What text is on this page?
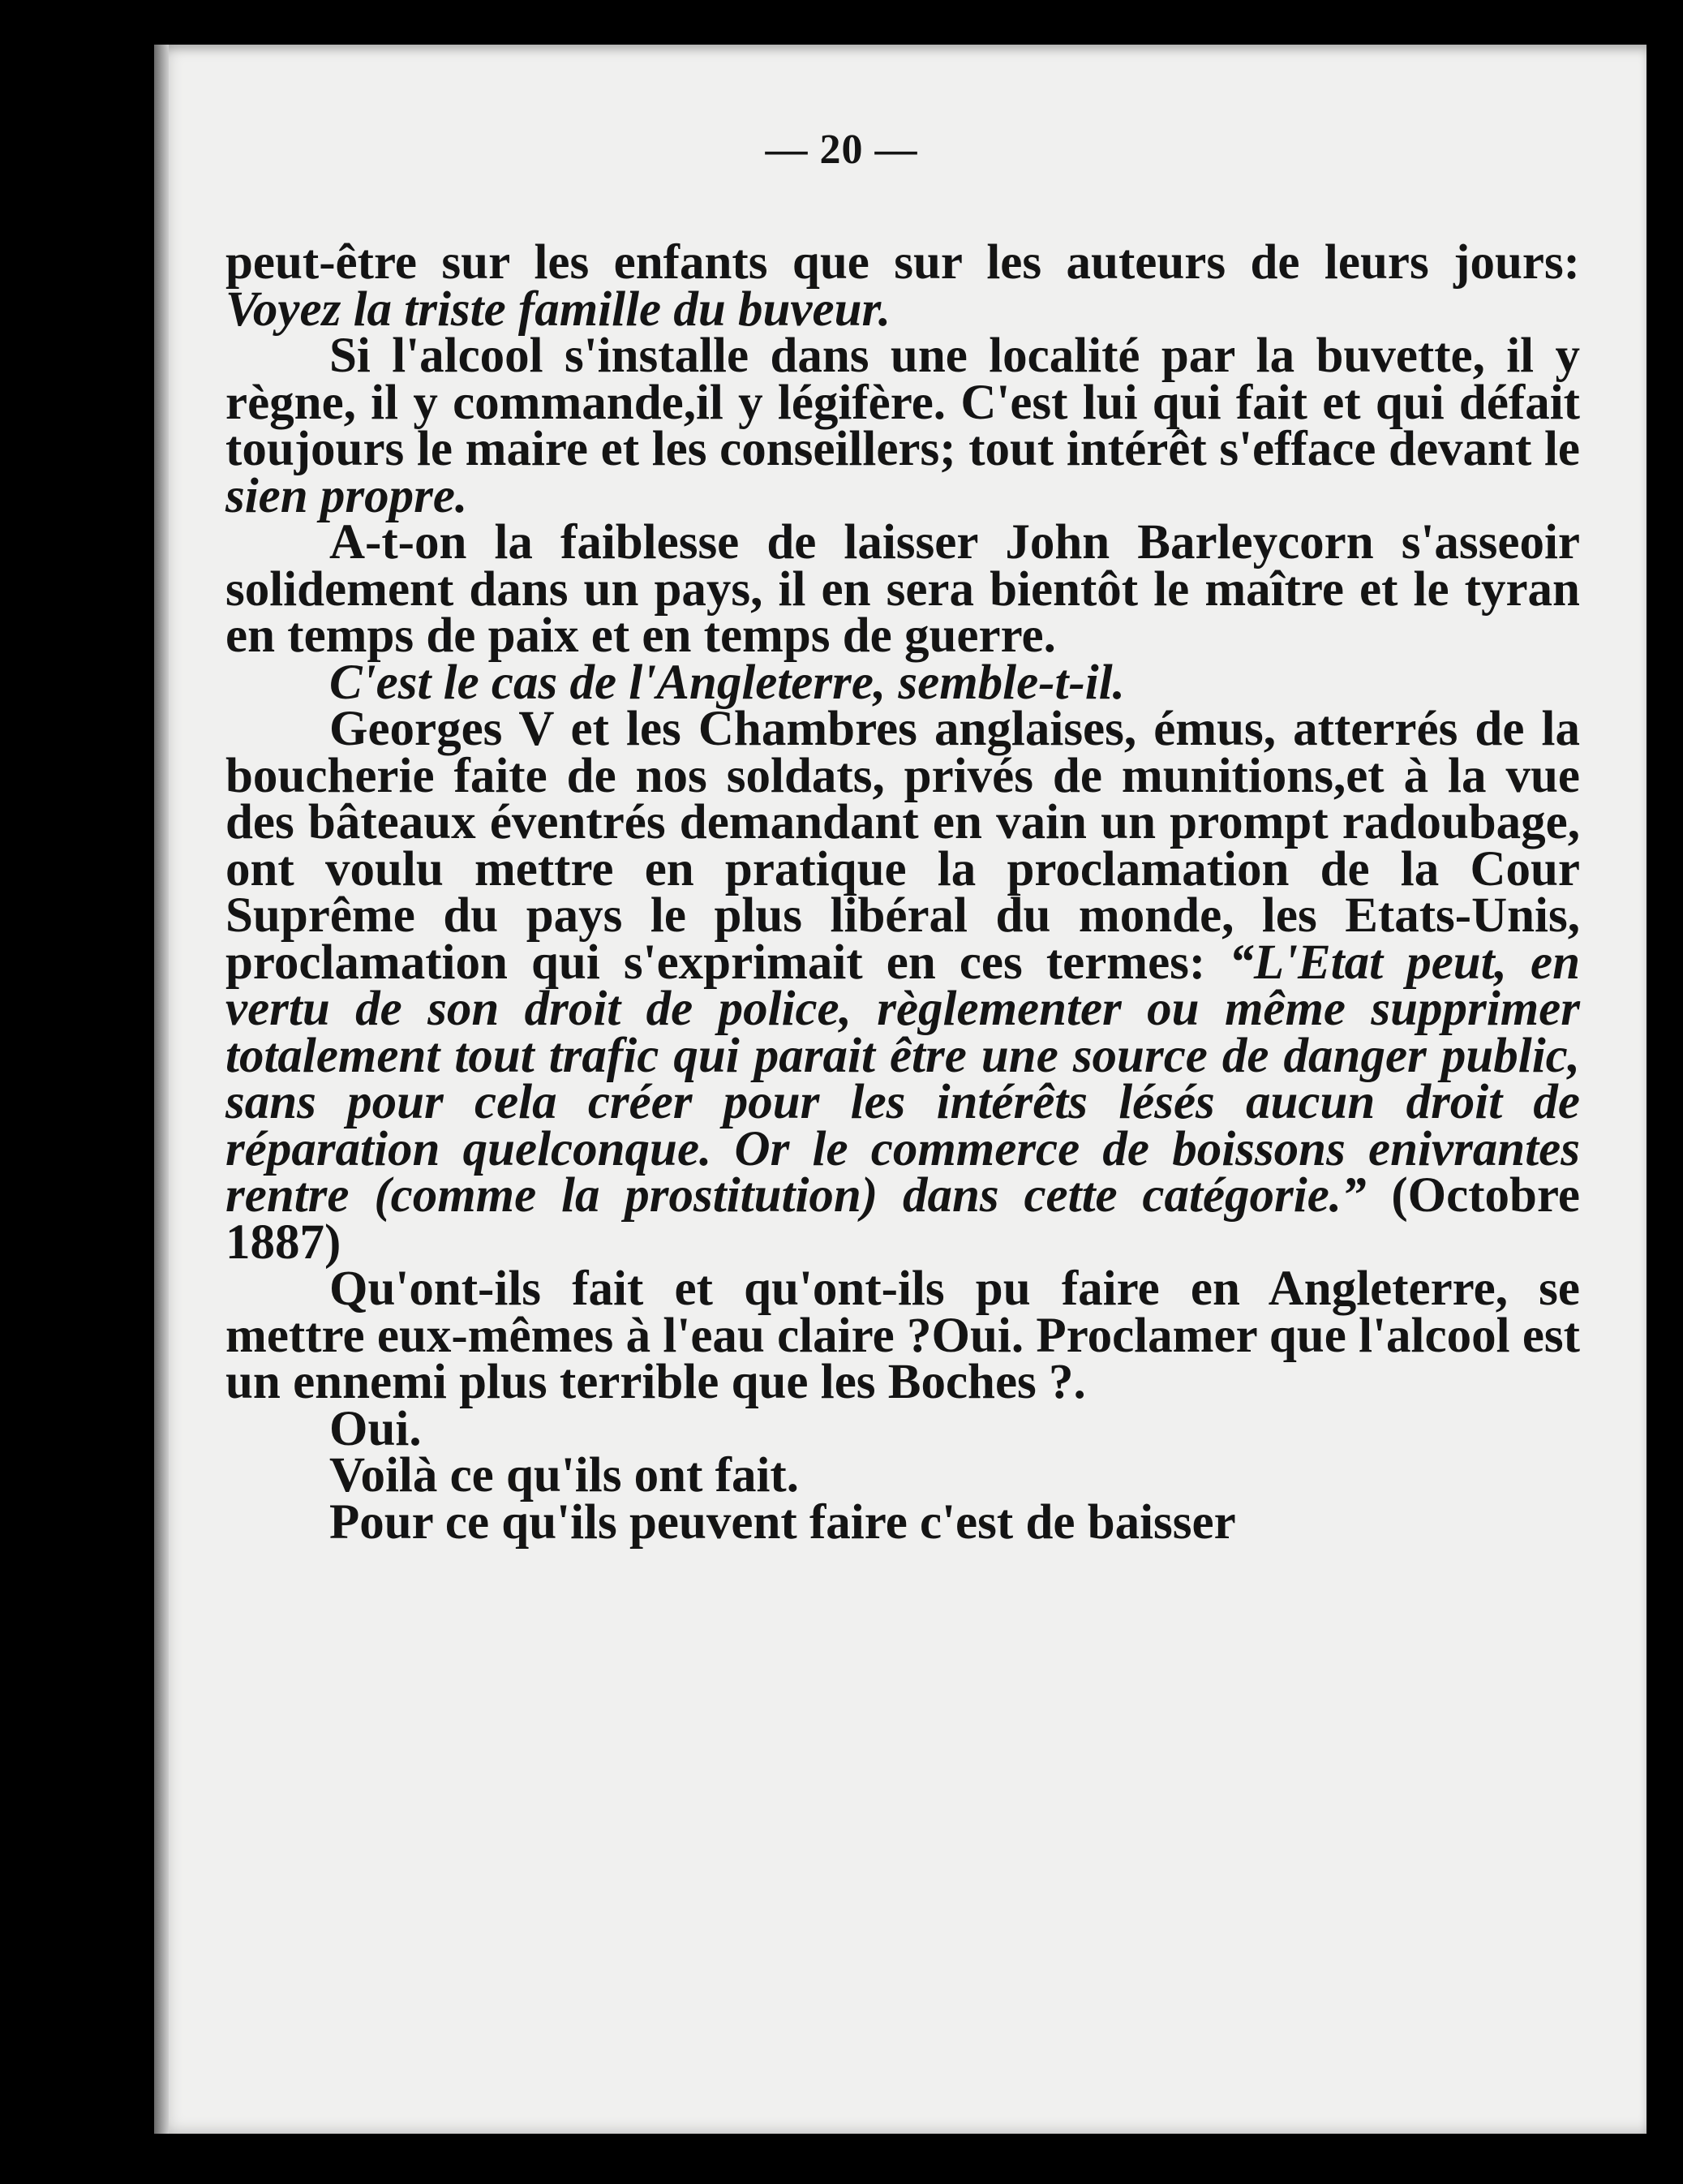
— 20 —

peut-être sur les enfants que sur les auteurs de leurs jours: Voyez la triste famille du buveur.

Si l'alcool s'installe dans une localité par la buvette, il y règne, il y commande,il y légifère. C'est lui qui fait et qui défait toujours le maire et les conseillers; tout intérêt s'efface devant le sien propre.

A-t-on la faiblesse de laisser John Barleycorn s'asseoir solidement dans un pays, il en sera bientôt le maître et le tyran en temps de paix et en temps de guerre.

C'est le cas de l'Angleterre, semble-t-il.

Georges V et les Chambres anglaises, émus, atterrés de la boucherie faite de nos soldats, privés de munitions,et à la vue des bâteaux éventrés demandant en vain un prompt radoubage, ont voulu mettre en pratique la proclamation de la Cour Suprême du pays le plus libéral du monde, les Etats-Unis, proclamation qui s'exprimait en ces termes: “L'Etat peut, en vertu de son droit de police, règlementer ou même supprimer totalement tout trafic qui parait être une source de danger public, sans pour cela créer pour les intérêts lésés aucun droit de réparation quelconque. Or le commerce de boissons enivrantes rentre (comme la prostitution) dans cette catégorie.” (Octobre 1887)

Qu'ont-ils fait et qu'ont-ils pu faire en Angleterre, se mettre eux-mêmes à l'eau claire ?Oui. Proclamer que l'alcool est un ennemi plus terrible que les Boches ?.

Oui.

Voilà ce qu'ils ont fait.

Pour ce qu'ils peuvent faire c'est de baisser
